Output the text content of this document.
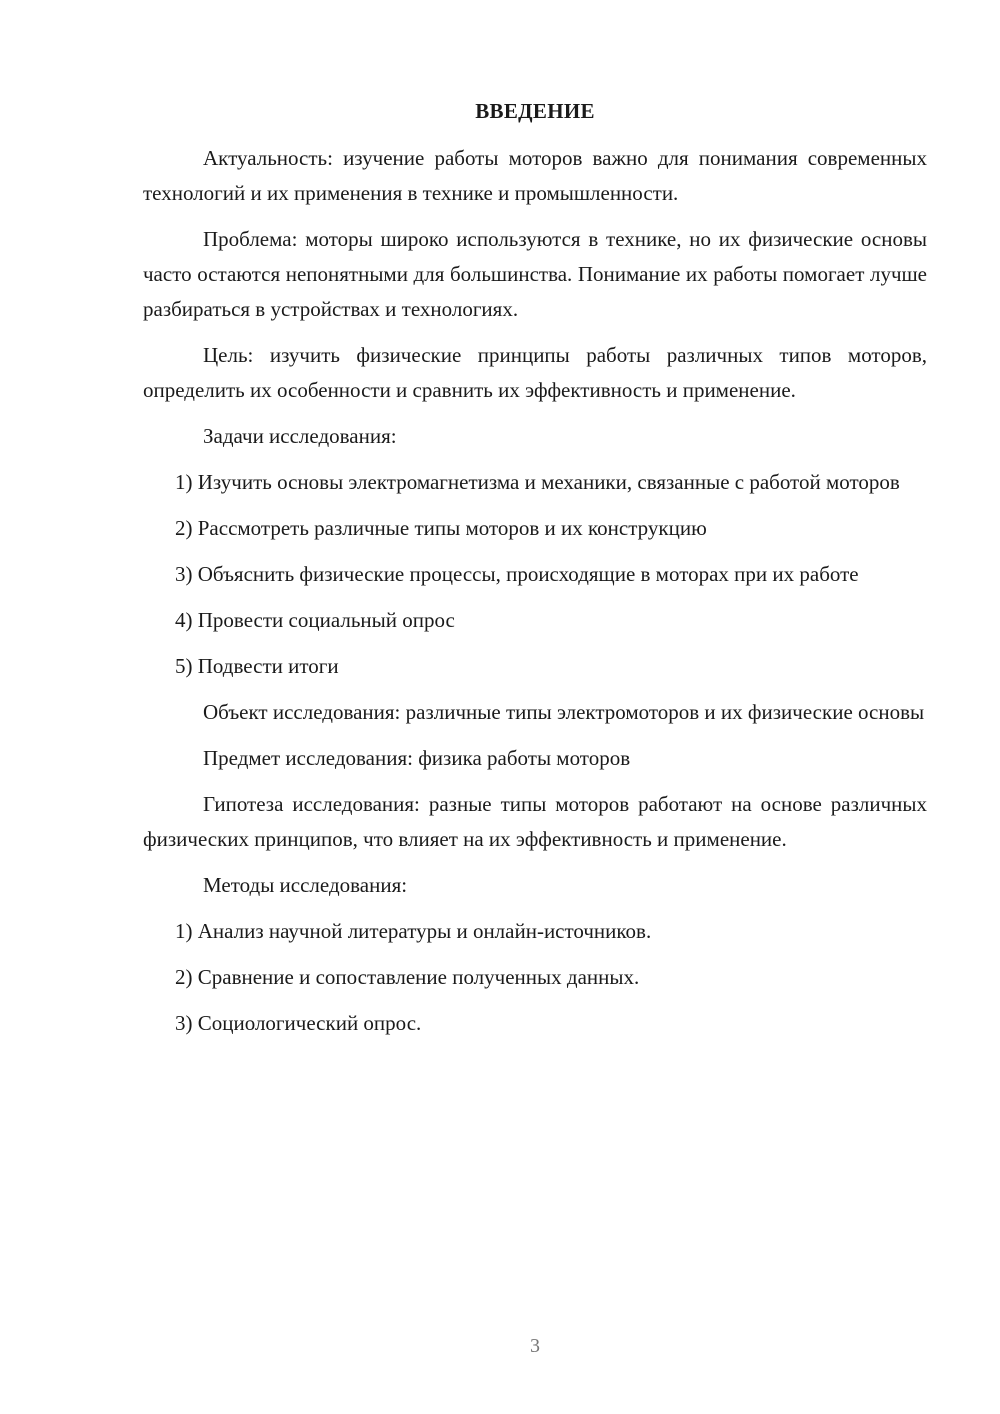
ВВЕДЕНИЕ

Актуальность: изучение работы моторов важно для понимания современных технологий и их применения в технике и промышленности.

Проблема: моторы широко используются в технике, но их физические основы часто остаются непонятными для большинства. Понимание их работы помогает лучше разбираться в устройствах и технологиях.

Цель: изучить физические принципы работы различных типов моторов, определить их особенности и сравнить их эффективность и применение.

Задачи исследования:

1) Изучить основы электромагнетизма и механики, связанные с работой моторов

2) Рассмотреть различные типы моторов и их конструкцию

3) Объяснить физические процессы, происходящие в моторах при их работе

4) Провести социальный опрос

5) Подвести итоги

Объект исследования: различные типы электромоторов и их физические основы

Предмет исследования: физика работы моторов

Гипотеза исследования: разные типы моторов работают на основе различных физических принципов, что влияет на их эффективность и применение.

Методы исследования:

1) Анализ научной литературы и онлайн-источников.

2) Сравнение и сопоставление полученных данных.

3) Социологический опрос.

3
